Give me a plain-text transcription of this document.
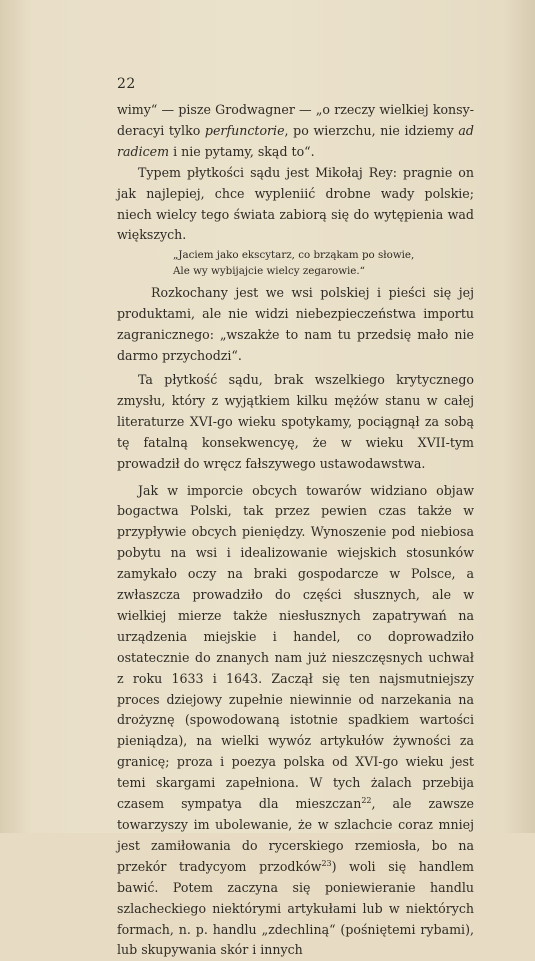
22

wimy“ — pisze Grodwagner — „o rzeczy wielkiej konsy-deracyi tylko perfunctorie, po wierzchu, nie idziemy ad radicem i nie pytamy, skąd to“.

Typem płytkości sądu jest Mikołaj Rey: pragnie on jak najlepiej, chce wypleniić drobne wady polskie; niech wielcy tego świata zabiorą się do wytępienia wad większych.

„Jaciem jako ekscytarz, co brząkam po słowie,
Ale wy wybijajcie wielcy zegarowie.“

Rozkochany jest we wsi polskiej i pieści się jej produktami, ale nie widzi niebezpieczeństwa importu zagranicznego: „wszakże to nam tu przedsię mało nie darmo przychodzi“.

Ta płytkość sądu, brak wszelkiego krytycznego zmysłu, który z wyjątkiem kilku mężów stanu w całej literaturze XVI-go wieku spotykamy, pociągnął za sobą tę fatalną konsekwencyę, że w wieku XVII-tym prowadził do wręcz fałszywego ustawodawstwa.

Jak w imporcie obcych towarów widziano objaw bogactwa Polski, tak przez pewien czas także w przypływie obcych pieniędzy. Wynoszenie pod niebiosa pobytu na wsi i idealizowanie wiejskich stosunków zamykało oczy na braki gospodarcze w Polsce, a zwłaszcza prowadziło do części słusznych, ale w wielkiej mierze także niesłusznych zapatrywań na urządzenia miejskie i handel, co doprowadziło ostatecznie do znanych nam już nieszczęsnych uchwał z roku 1633 i 1643. Zaczął się ten najsmutniejszy proces dziejowy zupełnie niewinnie od narzekania na drożyznę (spowodowaną istotnie spadkiem wartości pieniądza), na wielki wywóz artykułów żywności za granicę; proza i poezya polska od XVI-go wieku jest temi skargami zapełniona. W tych żalach przebija czasem sympatya dla mieszczan$^{22}$, ale zawsze towarzyszy im ubolewanie, że w szlachcie coraz mniej jest zamiłowania do rycerskiego rzemiosła, bo na przekór tradycyom przodków$^{23}$) woli się handlem bawić. Potem zaczyna się poniewieranie handlu szlacheckiego niektórymi artykułami lub w niektórych formach, n. p. handlu „zdechliną“ (pośniętemi rybami), lub skupywania skór i innych
